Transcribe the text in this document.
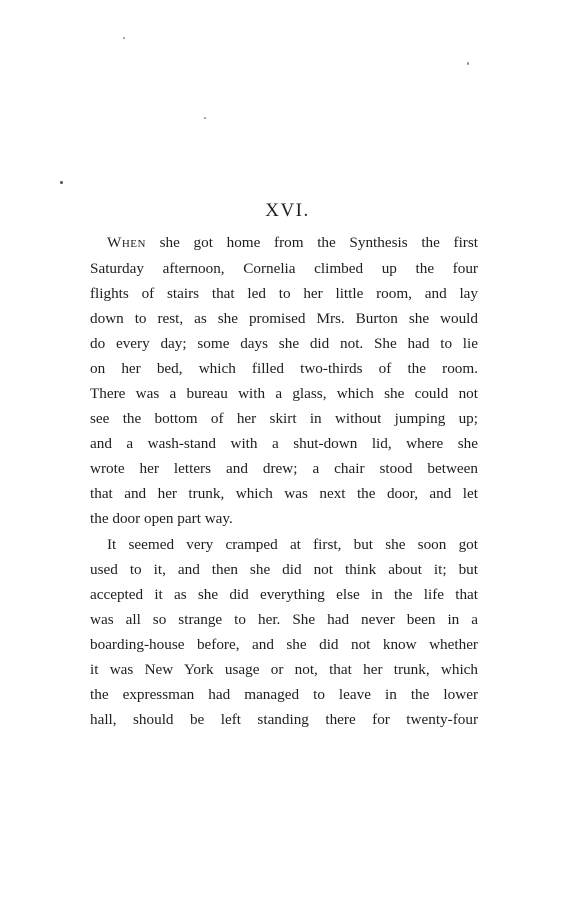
XVI.
When she got home from the Synthesis the first
Saturday afternoon, Cornelia climbed up the four
flights of stairs that led to her little room, and lay
down to rest, as she promised Mrs. Burton she would
do every day; some days she did not. She had to lie
on her bed, which filled two-thirds of the room.
There was a bureau with a glass, which she could not
see the bottom of her skirt in without jumping up;
and a wash-stand with a shut-down lid, where she
wrote her letters and drew; a chair stood between
that and her trunk, which was next the door, and let
the door open part way.
It seemed very cramped at first, but she soon got
used to it, and then she did not think about it; but
accepted it as she did everything else in the life that
was all so strange to her. She had never been in a
boarding-house before, and she did not know whether
it was New York usage or not, that her trunk, which
the expressman had managed to leave in the lower
hall, should be left standing there for twenty-four
